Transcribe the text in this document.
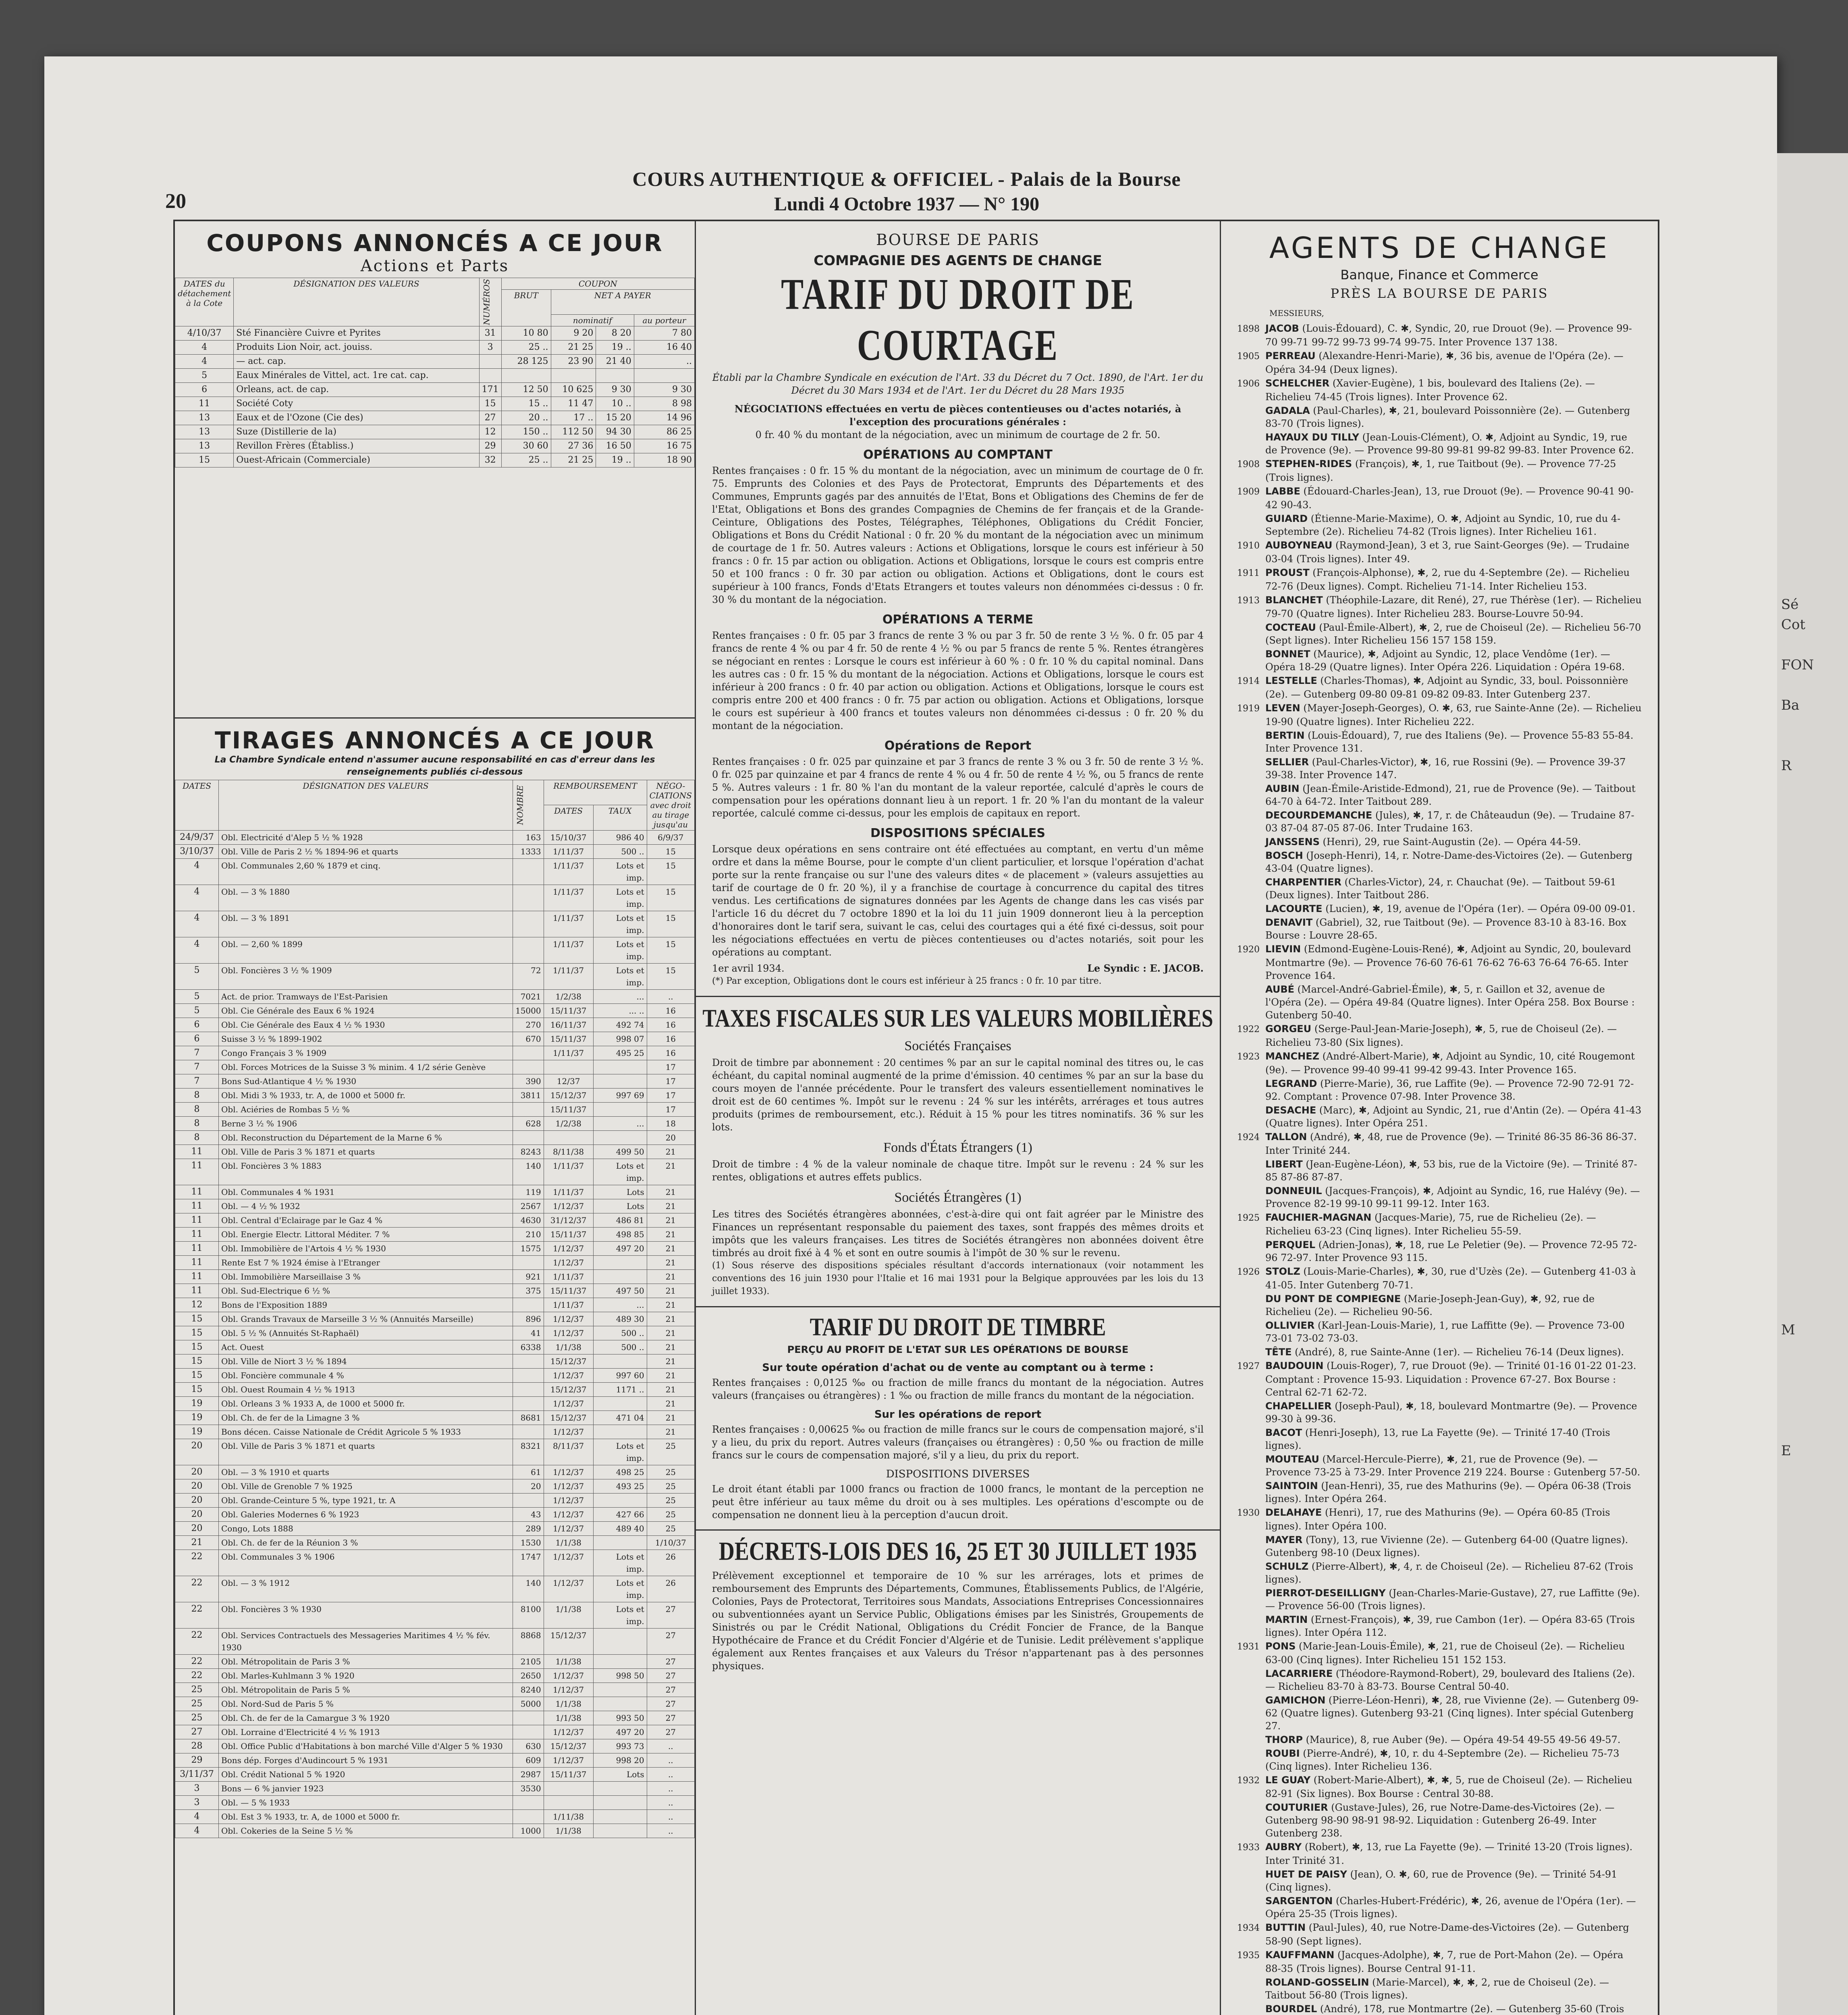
Sé
Cot
FON
Ba
R
M
E
20
COURS AUTHENTIQUE & OFFICIEL - Palais de la Bourse
Lundi 4 Octobre 1937 — N° 190
COUPONS ANNONCÉS A CE JOUR
Actions et Parts
DATES du détachement à la Cote	DÉSIGNATION DES VALEURS	NUMÉROS	COUPON			
			BRUT	NET A PAYER		
				nominatif		au porteur
4/10/37	Sté Financière Cuivre et Pyrites	31	10 80	9 20	8 20	7 80
4	Produits Lion Noir, act. jouiss.	3	25 ..	21 25	19 ..	16 40
4	— act. cap.		28 125	23 90	21 40	..
5	Eaux Minérales de Vittel, act. 1re cat. cap.					
6	Orleans, act. de cap.	171	12 50	10 625	9 30	9 30
11	Société Coty	15	15 ..	11 47	10 ..	8 98
13	Eaux et de l'Ozone (Cie des)	27	20 ..	17 ..	15 20	14 96
13	Suze (Distillerie de la)	12	150 ..	112 50	94 30	86 25
13	Revillon Frères (Établiss.)	29	30 60	27 36	16 50	16 75
15	Ouest-Africain (Commerciale)	32	25 ..	21 25	19 ..	18 90
TIRAGES ANNONCÉS A CE JOUR
La Chambre Syndicale entend n'assumer aucune responsabilité en cas d'erreur dans les renseignements publiés ci-dessous
DATES	DÉSIGNATION DES VALEURS	NOMBRE	REMBOURSEMENT		NÉGO-CIATIONS avec droit au tirage jusqu'au
			DATES	TAUX	
24/9/37	Obl. Electricité d'Alep 5 ½ % 1928	163	15/10/37	986 40	6/9/37
3/10/37	Obl. Ville de Paris 2 ½ % 1894-96 et quarts	1333	1/11/37	500 ..	15
4	Obl. Communales 2,60 % 1879 et cinq.		1/11/37	Lots et imp.	15
4	Obl. — 3 % 1880		1/11/37	Lots et imp.	15
4	Obl. — 3 % 1891		1/11/37	Lots et imp.	15
4	Obl. — 2,60 % 1899		1/11/37	Lots et imp.	15
5	Obl. Foncières 3 ½ % 1909	72	1/11/37	Lots et imp.	15
5	Act. de prior. Tramways de l'Est-Parisien	7021	1/2/38	...	..
5	Obl. Cie Générale des Eaux 6 % 1924	15000	15/11/37	... ..	16
6	Obl. Cie Générale des Eaux 4 ½ % 1930	270	16/11/37	492 74	16
6	Suisse 3 ½ % 1899-1902	670	15/11/37	998 07	16
7	Congo Français 3 % 1909		1/11/37	495 25	16
7	Obl. Forces Motrices de la Suisse 3 % minim. 4 1/2 série Genève				17
7	Bons Sud-Atlantique 4 ½ % 1930	390	12/37		17
8	Obl. Midi 3 % 1933, tr. A, de 1000 et 5000 fr.	3811	15/12/37	997 69	17
8	Obl. Aciéries de Rombas 5 ½ %		15/11/37		17
8	Berne 3 ½ % 1906	628	1/2/38	...	18
8	Obl. Reconstruction du Département de la Marne 6 %				20
11	Obl. Ville de Paris 3 % 1871 et quarts	8243	8/11/38	499 50	21
11	Obl. Foncières 3 % 1883	140	1/11/37	Lots et imp.	21
11	Obl. Communales 4 % 1931	119	1/11/37	Lots	21
11	Obl. — 4 ½ % 1932	2567	1/12/37	Lots	21
11	Obl. Central d'Eclairage par le Gaz 4 %	4630	31/12/37	486 81	21
11	Obl. Energie Electr. Littoral Méditer. 7 %	210	15/11/37	498 85	21
11	Obl. Immobilière de l'Artois 4 ½ % 1930	1575	1/12/37	497 20	21
11	Rente Est 7 % 1924 émise à l'Etranger		1/12/37		21
11	Obl. Immobilière Marseillaise 3 %	921	1/11/37		21
11	Obl. Sud-Electrique 6 ½ %	375	15/11/37	497 50	21
12	Bons de l'Exposition 1889		1/11/37	...	21
15	Obl. Grands Travaux de Marseille 3 ½ % (Annuités Marseille)	896	1/12/37	489 30	21
15	Obl. 5 ½ % (Annuités St-Raphaël)	41	1/12/37	500 ..	21
15	Act. Ouest	6338	1/1/38	500 ..	21
15	Obl. Ville de Niort 3 ½ % 1894		15/12/37		21
15	Obl. Foncière communale 4 %		1/12/37	997 60	21
15	Obl. Ouest Roumain 4 ½ % 1913		15/12/37	1171 ..	21
19	Obl. Orleans 3 % 1933 A, de 1000 et 5000 fr.		1/12/37		21
19	Obl. Ch. de fer de la Limagne 3 %	8681	15/12/37	471 04	21
19	Bons décen. Caisse Nationale de Crédit Agricole 5 % 1933		1/12/37		21
20	Obl. Ville de Paris 3 % 1871 et quarts	8321	8/11/37	Lots et imp.	25
20	Obl. — 3 % 1910 et quarts	61	1/12/37	498 25	25
20	Obl. Ville de Grenoble 7 % 1925	20	1/12/37	493 25	25
20	Obl. Grande-Ceinture 5 %, type 1921, tr. A		1/12/37		25
20	Obl. Galeries Modernes 6 % 1923	43	1/12/37	427 66	25
20	Congo, Lots 1888	289	1/12/37	489 40	25
21	Obl. Ch. de fer de la Réunion 3 %	1530	1/1/38		1/10/37
22	Obl. Communales 3 % 1906	1747	1/12/37	Lots et imp.	26
22	Obl. — 3 % 1912	140	1/12/37	Lots et imp.	26
22	Obl. Foncières 3 % 1930	8100	1/1/38	Lots et imp.	27
22	Obl. Services Contractuels des Messageries Maritimes 4 ½ % fév. 1930	8868	15/12/37		27
22	Obl. Métropolitain de Paris 3 %	2105	1/1/38		27
22	Obl. Marles-Kuhlmann 3 % 1920	2650	1/12/37	998 50	27
25	Obl. Métropolitain de Paris 5 %	8240	1/12/37		27
25	Obl. Nord-Sud de Paris 5 %	5000	1/1/38		27
25	Obl. Ch. de fer de la Camargue 3 % 1920		1/1/38	993 50	27
27	Obl. Lorraine d'Electricité 4 ½ % 1913		1/12/37	497 20	27
28	Obl. Office Public d'Habitations à bon marché Ville d'Alger 5 % 1930	630	15/12/37	993 73	..
29	Bons dép. Forges d'Audincourt 5 % 1931	609	1/12/37	998 20	..
3/11/37	Obl. Crédit National 5 % 1920	2987	15/11/37	Lots	..
3	Bons — 6 % janvier 1923	3530			..
3	Obl. — 5 % 1933				..
4	Obl. Est 3 % 1933, tr. A, de 1000 et 5000 fr.		1/11/38		..
4	Obl. Cokeries de la Seine 5 ½ %	1000	1/1/38		..
BOURSE DE PARIS
COMPAGNIE DES AGENTS DE CHANGE
TARIF DU DROIT DE COURTAGE
Établi par la Chambre Syndicale en exécution de l'Art. 33 du Décret du 7 Oct. 1890, de l'Art. 1er du Décret du 30 Mars 1934 et de l'Art. 1er du Décret du 28 Mars 1935
NÉGOCIATIONS effectuées en vertu de pièces contentieuses ou d'actes notariés, à l'exception des procurations générales :
0 fr. 40 % du montant de la négociation, avec un minimum de courtage de 2 fr. 50.
OPÉRATIONS AU COMPTANT
Rentes françaises : 0 fr. 15 % du montant de la négociation, avec un minimum de courtage de 0 fr. 75. Emprunts des Colonies et des Pays de Protectorat, Emprunts des Départements et des Communes, Emprunts gagés par des annuités de l'Etat, Bons et Obligations des Chemins de fer de l'Etat, Obligations et Bons des grandes Compagnies de Chemins de fer français et de la Grande-Ceinture, Obligations des Postes, Télégraphes, Téléphones, Obligations du Crédit Foncier, Obligations et Bons du Crédit National : 0 fr. 20 % du montant de la négociation avec un minimum de courtage de 1 fr. 50. Autres valeurs : Actions et Obligations, lorsque le cours est inférieur à 50 francs : 0 fr. 15 par action ou obligation. Actions et Obligations, lorsque le cours est compris entre 50 et 100 francs : 0 fr. 30 par action ou obligation. Actions et Obligations, dont le cours est supérieur à 100 francs, Fonds d'Etats Etrangers et toutes valeurs non dénommées ci-dessus : 0 fr. 30 % du montant de la négociation.
OPÉRATIONS A TERME
Rentes françaises : 0 fr. 05 par 3 francs de rente 3 % ou par 3 fr. 50 de rente 3 ½ %. 0 fr. 05 par 4 francs de rente 4 % ou par 4 fr. 50 de rente 4 ½ % ou par 5 francs de rente 5 %. Rentes étrangères se négociant en rentes : Lorsque le cours est inférieur à 60 % : 0 fr. 10 % du capital nominal. Dans les autres cas : 0 fr. 15 % du montant de la négociation. Actions et Obligations, lorsque le cours est inférieur à 200 francs : 0 fr. 40 par action ou obligation. Actions et Obligations, lorsque le cours est compris entre 200 et 400 francs : 0 fr. 75 par action ou obligation. Actions et Obligations, lorsque le cours est supérieur à 400 francs et toutes valeurs non dénommées ci-dessus : 0 fr. 20 % du montant de la négociation.
Opérations de Report
Rentes françaises : 0 fr. 025 par quinzaine et par 3 francs de rente 3 % ou 3 fr. 50 de rente 3 ½ %. 0 fr. 025 par quinzaine et par 4 francs de rente 4 % ou 4 fr. 50 de rente 4 ½ %, ou 5 francs de rente 5 %. Autres valeurs : 1 fr. 80 % l'an du montant de la valeur reportée, calculé d'après le cours de compensation pour les opérations donnant lieu à un report. 1 fr. 20 % l'an du montant de la valeur reportée, calculé comme ci-dessus, pour les emplois de capitaux en report.
DISPOSITIONS SPÉCIALES
Lorsque deux opérations en sens contraire ont été effectuées au comptant, en vertu d'un même ordre et dans la même Bourse, pour le compte d'un client particulier, et lorsque l'opération d'achat porte sur la rente française ou sur l'une des valeurs dites « de placement » (valeurs assujetties au tarif de courtage de 0 fr. 20 %), il y a franchise de courtage à concurrence du capital des titres vendus. Les certifications de signatures données par les Agents de change dans les cas visés par l'article 16 du décret du 7 octobre 1890 et la loi du 11 juin 1909 donneront lieu à la perception d'honoraires dont le tarif sera, suivant le cas, celui des courtages qui a été fixé ci-dessus, soit pour les négociations effectuées en vertu de pièces contentieuses ou d'actes notariés, soit pour les opérations au comptant.
1er avril 1934.	Le Syndic : E. JACOB.
(*) Par exception, Obligations dont le cours est inférieur à 25 francs : 0 fr. 10 par titre.
TAXES FISCALES SUR LES VALEURS MOBILIÈRES
Sociétés Françaises
Droit de timbre par abonnement : 20 centimes % par an sur le capital nominal des titres ou, le cas échéant, du capital nominal augmenté de la prime d'émission. 40 centimes % par an sur la base du cours moyen de l'année précédente. Pour le transfert des valeurs essentiellement nominatives le droit est de 60 centimes %. Impôt sur le revenu : 24 % sur les intérêts, arrérages et tous autres produits (primes de remboursement, etc.). Réduit à 15 % pour les titres nominatifs. 36 % sur les lots.
Fonds d'États Étrangers (1)
Droit de timbre : 4 % de la valeur nominale de chaque titre. Impôt sur le revenu : 24 % sur les rentes, obligations et autres effets publics.
Sociétés Étrangères (1)
Les titres des Sociétés étrangères abonnées, c'est-à-dire qui ont fait agréer par le Ministre des Finances un représentant responsable du paiement des taxes, sont frappés des mêmes droits et impôts que les valeurs françaises. Les titres de Sociétés étrangères non abonnées doivent être timbrés au droit fixé à 4 % et sont en outre soumis à l'impôt de 30 % sur le revenu.
(1) Sous réserve des dispositions spéciales résultant d'accords internationaux (voir notamment les conventions des 16 juin 1930 pour l'Italie et 16 mai 1931 pour la Belgique approuvées par les lois du 13 juillet 1933).
TARIF DU DROIT DE TIMBRE
PERÇU AU PROFIT DE L'ETAT SUR LES OPÉRATIONS DE BOURSE
Sur toute opération d'achat ou de vente au comptant ou à terme :
Rentes françaises : 0,0125 ‰ ou fraction de mille francs du montant de la négociation. Autres valeurs (françaises ou étrangères) : 1 ‰ ou fraction de mille francs du montant de la négociation.
Sur les opérations de report
Rentes françaises : 0,00625 ‰ ou fraction de mille francs sur le cours de compensation majoré, s'il y a lieu, du prix du report. Autres valeurs (françaises ou étrangères) : 0,50 ‰ ou fraction de mille francs sur le cours de compensation majoré, s'il y a lieu, du prix du report.
DISPOSITIONS DIVERSES
Le droit étant établi par 1000 francs ou fraction de 1000 francs, le montant de la perception ne peut être inférieur au taux même du droit ou à ses multiples. Les opérations d'escompte ou de compensation ne donnent lieu à la perception d'aucun droit.
DÉCRETS-LOIS DES 16, 25 ET 30 JUILLET 1935
Prélèvement exceptionnel et temporaire de 10 % sur les arrérages, lots et primes de remboursement des Emprunts des Départements, Communes, Établissements Publics, de l'Algérie, Colonies, Pays de Protectorat, Territoires sous Mandats, Associations Entreprises Concessionnaires ou subventionnées ayant un Service Public, Obligations émises par les Sinistrés, Groupements de Sinistrés ou par le Crédit National, Obligations du Crédit Foncier de France, de la Banque Hypothécaire de France et du Crédit Foncier d'Algérie et de Tunisie. Ledit prélèvement s'applique également aux Rentes françaises et aux Valeurs du Trésor n'appartenant pas à des personnes physiques.
AGENTS DE CHANGE
Banque, Finance et Commerce
PRÈS LA BOURSE DE PARIS
MESSIEURS,
1898 JACOB (Louis-Édouard), C. ✱, Syndic, 20, rue Drouot (9e). — Provence 99-70 99-71 99-72 99-73 99-74 99-75. Inter Provence 137 138.
1905 PERREAU (Alexandre-Henri-Marie), ✱, 36 bis, avenue de l'Opéra (2e). — Opéra 34-94 (Deux lignes).
1906 SCHELCHER (Xavier-Eugène), 1 bis, boulevard des Italiens (2e). — Richelieu 74-45 (Trois lignes). Inter Provence 62.
GADALA (Paul-Charles), ✱, 21, boulevard Poissonnière (2e). — Gutenberg 83-70 (Trois lignes).
HAYAUX DU TILLY (Jean-Louis-Clément), O. ✱, Adjoint au Syndic, 19, rue de Provence (9e). — Provence 99-80 99-81 99-82 99-83. Inter Provence 62.
1908 STEPHEN-RIDES (François), ✱, 1, rue Taitbout (9e). — Provence 77-25 (Trois lignes).
1909 LABBE (Édouard-Charles-Jean), 13, rue Drouot (9e). — Provence 90-41 90-42 90-43.
GUIARD (Étienne-Marie-Maxime), O. ✱, Adjoint au Syndic, 10, rue du 4-Septembre (2e). Richelieu 74-82 (Trois lignes). Inter Richelieu 161.
1910 AUBOYNEAU (Raymond-Jean), 3 et 3, rue Saint-Georges (9e). — Trudaine 03-04 (Trois lignes). Inter 49.
1911 PROUST (François-Alphonse), ✱, 2, rue du 4-Septembre (2e). — Richelieu 72-76 (Deux lignes). Compt. Richelieu 71-14. Inter Richelieu 153.
1913 BLANCHET (Théophile-Lazare, dit René), 27, rue Thérèse (1er). — Richelieu 79-70 (Quatre lignes). Inter Richelieu 283. Bourse-Louvre 50-94.
COCTEAU (Paul-Émile-Albert), ✱, 2, rue de Choiseul (2e). — Richelieu 56-70 (Sept lignes). Inter Richelieu 156 157 158 159.
BONNET (Maurice), ✱, Adjoint au Syndic, 12, place Vendôme (1er). — Opéra 18-29 (Quatre lignes). Inter Opéra 226. Liquidation : Opéra 19-68.
1914 LESTELLE (Charles-Thomas), ✱, Adjoint au Syndic, 33, boul. Poissonnière (2e). — Gutenberg 09-80 09-81 09-82 09-83. Inter Gutenberg 237.
1919 LEVEN (Mayer-Joseph-Georges), O. ✱, 63, rue Sainte-Anne (2e). — Richelieu 19-90 (Quatre lignes). Inter Richelieu 222.
BERTIN (Louis-Édouard), 7, rue des Italiens (9e). — Provence 55-83 55-84. Inter Provence 131.
SELLIER (Paul-Charles-Victor), ✱, 16, rue Rossini (9e). — Provence 39-37 39-38. Inter Provence 147.
AUBIN (Jean-Émile-Aristide-Edmond), 21, rue de Provence (9e). — Taitbout 64-70 à 64-72. Inter Taitbout 289.
DECOURDEMANCHE (Jules), ✱, 17, r. de Châteaudun (9e). — Trudaine 87-03 87-04 87-05 87-06. Inter Trudaine 163.
JANSSENS (Henri), 29, rue Saint-Augustin (2e). — Opéra 44-59.
BOSCH (Joseph-Henri), 14, r. Notre-Dame-des-Victoires (2e). — Gutenberg 43-04 (Quatre lignes).
CHARPENTIER (Charles-Victor), 24, r. Chauchat (9e). — Taitbout 59-61 (Deux lignes). Inter Taitbout 286.
LACOURTE (Lucien), ✱, 19, avenue de l'Opéra (1er). — Opéra 09-00 09-01.
DENAVIT (Gabriel), 32, rue Taitbout (9e). — Provence 83-10 à 83-16. Box Bourse : Louvre 28-65.
1920 LIEVIN (Edmond-Eugène-Louis-René), ✱, Adjoint au Syndic, 20, boulevard Montmartre (9e). — Provence 76-60 76-61 76-62 76-63 76-64 76-65. Inter Provence 164.
AUBÉ (Marcel-André-Gabriel-Émile), ✱, 5, r. Gaillon et 32, avenue de l'Opéra (2e). — Opéra 49-84 (Quatre lignes). Inter Opéra 258. Box Bourse : Gutenberg 50-40.
1922 GORGEU (Serge-Paul-Jean-Marie-Joseph), ✱, 5, rue de Choiseul (2e). — Richelieu 73-80 (Six lignes).
1923 MANCHEZ (André-Albert-Marie), ✱, Adjoint au Syndic, 10, cité Rougemont (9e). — Provence 99-40 99-41 99-42 99-43. Inter Provence 165.
LEGRAND (Pierre-Marie), 36, rue Laffite (9e). — Provence 72-90 72-91 72-92. Comptant : Provence 07-98. Inter Provence 38.
DESACHE (Marc), ✱, Adjoint au Syndic, 21, rue d'Antin (2e). — Opéra 41-43 (Quatre lignes). Inter Opéra 251.
1924 TALLON (André), ✱, 48, rue de Provence (9e). — Trinité 86-35 86-36 86-37. Inter Trinité 244.
LIBERT (Jean-Eugène-Léon), ✱, 53 bis, rue de la Victoire (9e). — Trinité 87-85 87-86 87-87.
DONNEUIL (Jacques-François), ✱, Adjoint au Syndic, 16, rue Halévy (9e). — Provence 82-19 99-10 99-11 99-12. Inter 163.
1925 FAUCHIER-MAGNAN (Jacques-Marie), 75, rue de Richelieu (2e). — Richelieu 63-23 (Cinq lignes). Inter Richelieu 55-59.
PERQUEL (Adrien-Jonas), ✱, 18, rue Le Peletier (9e). — Provence 72-95 72-96 72-97. Inter Provence 93 115.
1926 STOLZ (Louis-Marie-Charles), ✱, 30, rue d'Uzès (2e). — Gutenberg 41-03 à 41-05. Inter Gutenberg 70-71.
DU PONT DE COMPIEGNE (Marie-Joseph-Jean-Guy), ✱, 92, rue de Richelieu (2e). — Richelieu 90-56.
OLLIVIER (Karl-Jean-Louis-Marie), 1, rue Laffitte (9e). — Provence 73-00 73-01 73-02 73-03.
TÊTE (André), 8, rue Sainte-Anne (1er). — Richelieu 76-14 (Deux lignes).
1927 BAUDOUIN (Louis-Roger), 7, rue Drouot (9e). — Trinité 01-16 01-22 01-23. Comptant : Provence 15-93. Liquidation : Provence 67-27. Box Bourse : Central 62-71 62-72.
CHAPELLIER (Joseph-Paul), ✱, 18, boulevard Montmartre (9e). — Provence 99-30 à 99-36.
BACOT (Henri-Joseph), 13, rue La Fayette (9e). — Trinité 17-40 (Trois lignes).
MOUTEAU (Marcel-Hercule-Pierre), ✱, 21, rue de Provence (9e). — Provence 73-25 à 73-29. Inter Provence 219 224. Bourse : Gutenberg 57-50.
SAINTOIN (Jean-Henri), 35, rue des Mathurins (9e). — Opéra 06-38 (Trois lignes). Inter Opéra 264.
1930 DELAHAYE (Henri), 17, rue des Mathurins (9e). — Opéra 60-85 (Trois lignes). Inter Opéra 100.
MAYER (Tony), 13, rue Vivienne (2e). — Gutenberg 64-00 (Quatre lignes). Gutenberg 98-10 (Deux lignes).
SCHULZ (Pierre-Albert), ✱, 4, r. de Choiseul (2e). — Richelieu 87-62 (Trois lignes).
PIERROT-DESEILLIGNY (Jean-Charles-Marie-Gustave), 27, rue Laffitte (9e). — Provence 56-00 (Trois lignes).
MARTIN (Ernest-François), ✱, 39, rue Cambon (1er). — Opéra 83-65 (Trois lignes). Inter Opéra 112.
1931 PONS (Marie-Jean-Louis-Émile), ✱, 21, rue de Choiseul (2e). — Richelieu 63-00 (Cinq lignes). Inter Richelieu 151 152 153.
LACARRIERE (Théodore-Raymond-Robert), 29, boulevard des Italiens (2e). — Richelieu 83-70 à 83-73. Bourse Central 50-40.
GAMICHON (Pierre-Léon-Henri), ✱, 28, rue Vivienne (2e). — Gutenberg 09-62 (Quatre lignes). Gutenberg 93-21 (Cinq lignes). Inter spécial Gutenberg 27.
THORP (Maurice), 8, rue Auber (9e). — Opéra 49-54 49-55 49-56 49-57.
ROUBI (Pierre-André), ✱, 10, r. du 4-Septembre (2e). — Richelieu 75-73 (Cinq lignes). Inter Richelieu 136.
1932 LE GUAY (Robert-Marie-Albert), ✱, ✱, 5, rue de Choiseul (2e). — Richelieu 82-91 (Six lignes). Box Bourse : Central 30-88.
COUTURIER (Gustave-Jules), 26, rue Notre-Dame-des-Victoires (2e). — Gutenberg 98-90 98-91 98-92. Liquidation : Gutenberg 26-49. Inter Gutenberg 238.
1933 AUBRY (Robert), ✱, 13, rue La Fayette (9e). — Trinité 13-20 (Trois lignes). Inter Trinité 31.
HUET DE PAISY (Jean), O. ✱, 60, rue de Provence (9e). — Trinité 54-91 (Cinq lignes).
SARGENTON (Charles-Hubert-Frédéric), ✱, 26, avenue de l'Opéra (1er). — Opéra 25-35 (Trois lignes).
1934 BUTTIN (Paul-Jules), 40, rue Notre-Dame-des-Victoires (2e). — Gutenberg 58-90 (Sept lignes).
1935 KAUFFMANN (Jacques-Adolphe), ✱, 7, rue de Port-Mahon (2e). — Opéra 88-35 (Trois lignes). Bourse Central 91-11.
ROLAND-GOSSELIN (Marie-Marcel), ✱, ✱, 2, rue de Choiseul (2e). — Taitbout 56-80 (Trois lignes).
BOURDEL (André), 178, rue Montmartre (2e). — Gutenberg 35-60 (Trois
